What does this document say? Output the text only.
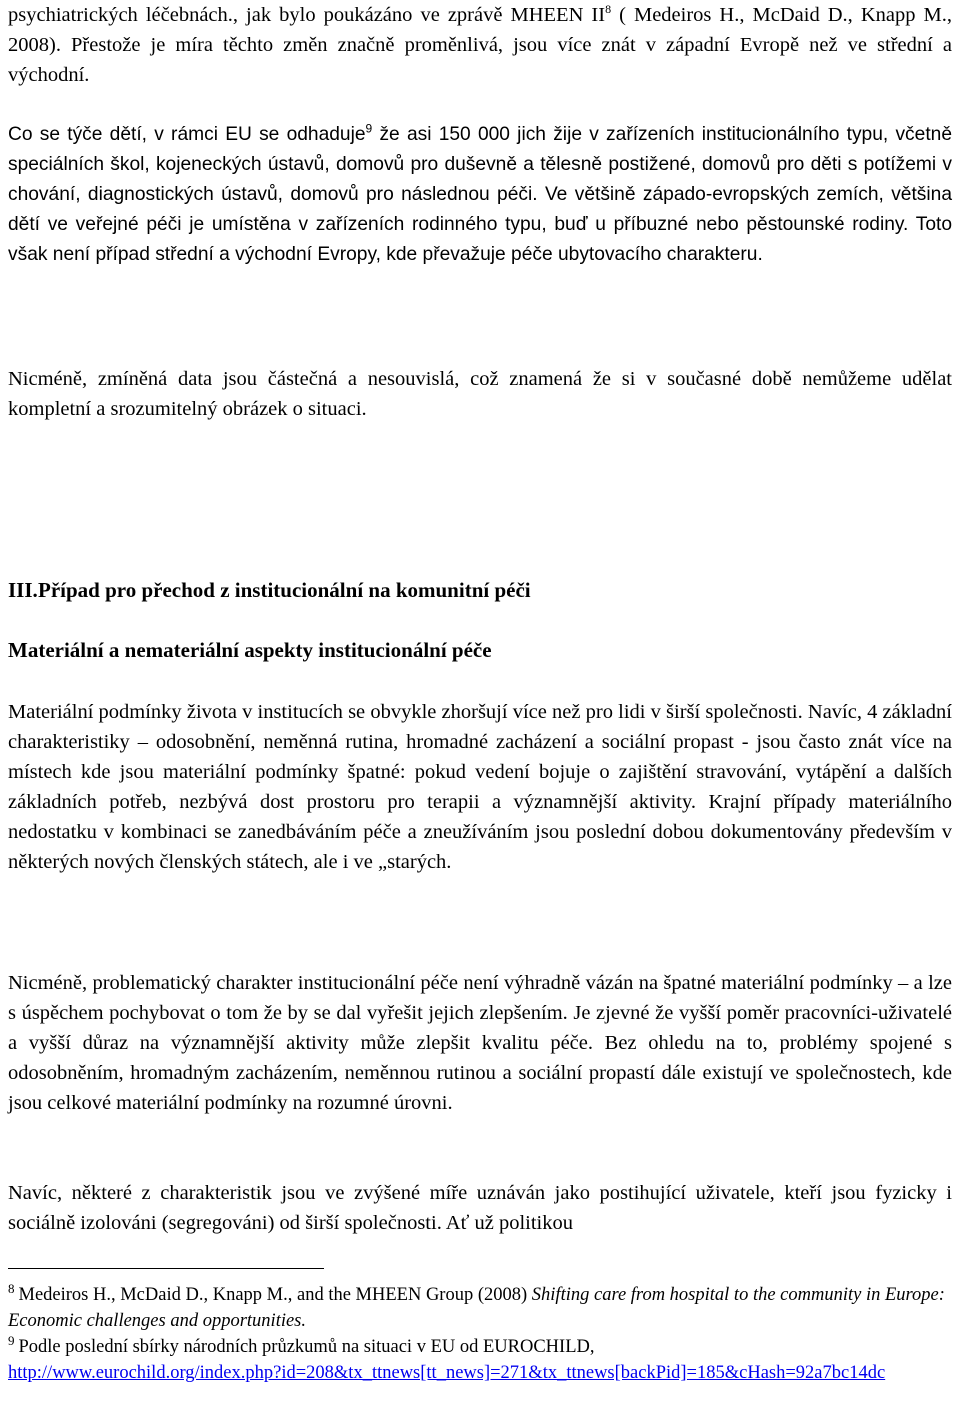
psychiatrických léčebnách., jak bylo poukázáno ve zprávě MHEEN $II^8$ ( Medeiros H., McDaid D., Knapp M., 2008). Přestože je míra těchto změn značně proměnlivá, jsou více znát v západní Evropě než ve střední a východní.

Co se týče dětí, v rámci EU se odhaduje$^9$ že asi 150 000 jich žije v zařízeních institucionálního typu, včetně speciálních škol, kojeneckých ústavů, domovů pro duševně a tělesně postižené, domovů pro děti s potížemi v chování, diagnostických ústavů, domovů pro následnou péči. Ve většině západo-evropských zemích, většina dětí ve veřejné péči je umístěna v zařízeních rodinného typu, buď u příbuzné nebo pěstounské rodiny. Toto však není případ střední a východní Evropy, kde převažuje péče ubytovacího charakteru.

Nicméně, zmíněná data jsou částečná a nesouvislá, což znamená že si v současné době nemůžeme udělat kompletní a srozumitelný obrázek o situaci.

III.Případ pro přechod z institucionální na komunitní péči
Materiální a nemateriální aspekty institucionální péče

Materiální podmínky života v institucích se obvykle zhoršují více než pro lidi v širší společnosti. Navíc, 4 základní charakteristiky – odosobnění, neměnná rutina, hromadné zacházení a sociální propast - jsou často znát více na místech kde jsou materiální podmínky špatné: pokud vedení bojuje o zajištění stravování, vytápění a dalších základních potřeb, nezbývá dost prostoru pro terapii a významnější aktivity. Krajní případy materiálního nedostatku v kombinaci se zanedbáváním péče a zneužíváním jsou poslední dobou dokumentovány především v některých nových členských státech, ale i ve „starých.

Nicméně, problematický charakter institucionální péče není výhradně vázán na špatné materiální podmínky – a lze s úspěchem pochybovat o tom že by se dal vyřešit jejich zlepšením. Je zjevné že vyšší poměr pracovníci-uživatelé a vyšší důraz na významnější aktivity může zlepšit kvalitu péče. Bez ohledu na to, problémy spojené s odosobněním, hromadným zacházením, neměnnou rutinou a sociální propastí dále existují ve společnostech, kde jsou celkové materiální podmínky na rozumné úrovni.

Navíc, některé z charakteristik jsou ve zvýšené míře uznáván jako postihující uživatele, kteří jsou fyzicky i sociálně izolováni (segregováni) od širší společnosti. Ať už politikou

$^8$ Medeiros H., McDaid D., Knapp M., and the MHEEN Group (2008) Shifting care from hospital to the community in Europe: Economic challenges and opportunities.

$^9$ Podle poslední sbírky národních průzkumů na situaci v EU od EUROCHILD,
http://www.eurochild.org/index.php?id=208&tx_ttnews[tt_news]=271&tx_ttnews[backPid]=185&cHash=92a7bc14dc
